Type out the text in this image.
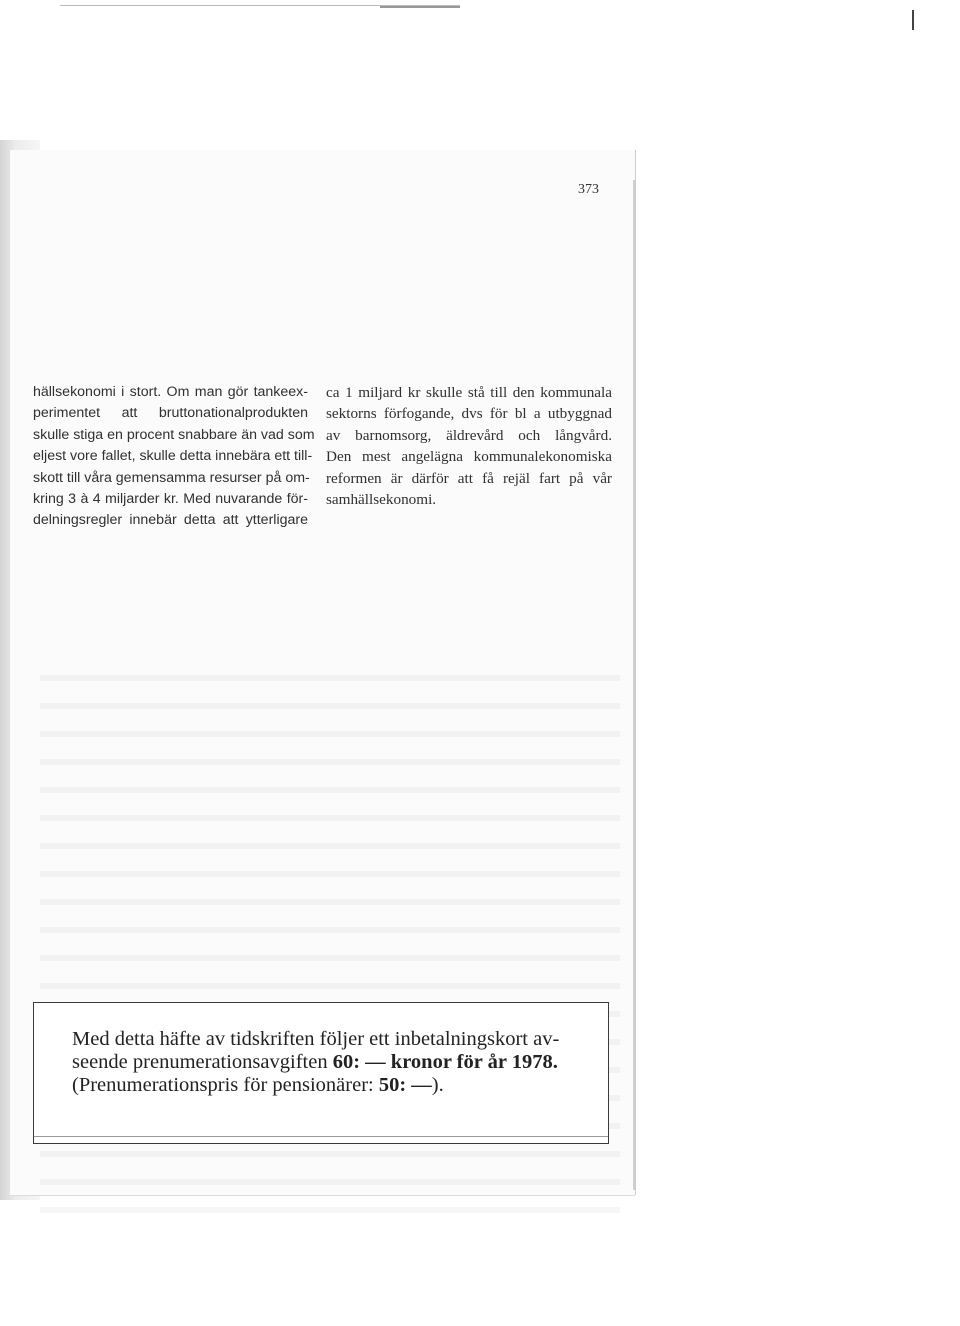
373
hällsekonomi i stort. Om man gör tankeex-
perimentet att bruttonationalprodukten
skulle stiga en procent snabbare än vad som
eljest vore fallet, skulle detta innebära ett till-
skott till våra gemensamma resurser på om-
kring 3 à 4 miljarder kr. Med nuvarande för-
delningsregler innebär detta att ytterligare
ca 1 miljard kr skulle stå till den kommunala
sektorns förfogande, dvs för bl a utbyggnad
av barnomsorg, äldrevård och långvård.
Den mest angelägna kommunalekonomiska
reformen är därför att få rejäl fart på vår
samhällsekonomi.
Med detta häfte av tidskriften följer ett inbetalningskort av-
seende prenumerationsavgiften 60: — kronor för år 1978.
(Prenumerationspris för pensionärer: 50: —).
